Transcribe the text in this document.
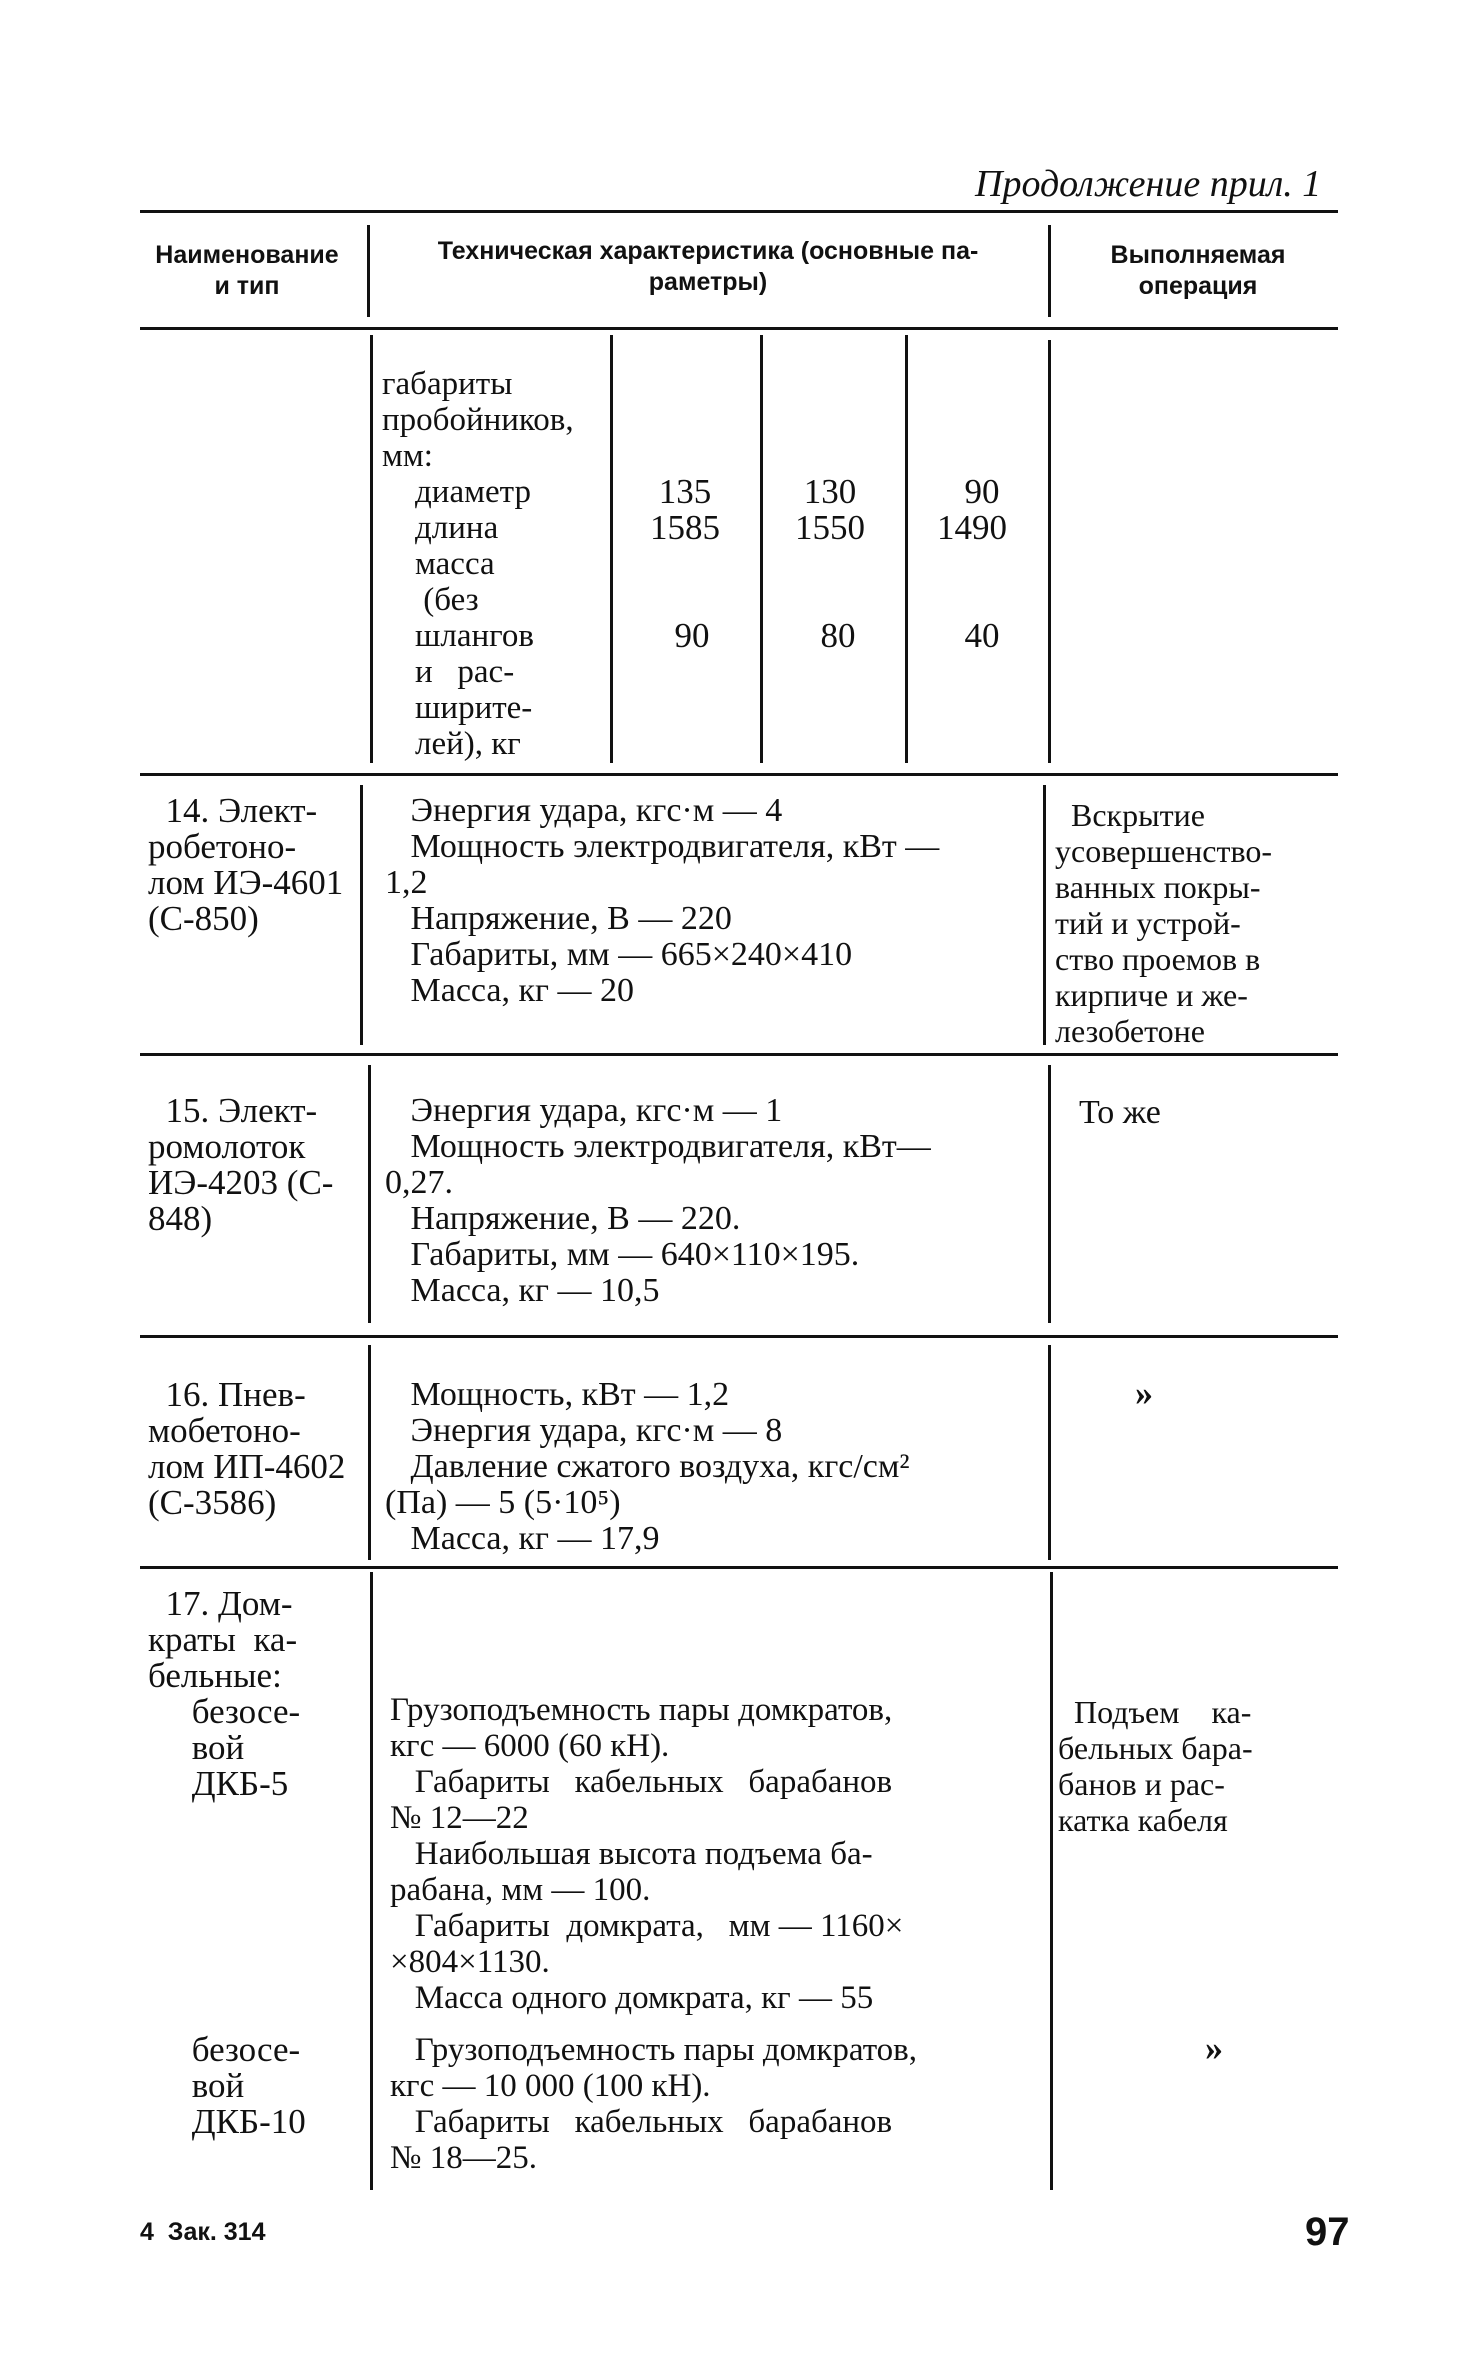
Продолжение прил. 1
Наименование
и тип
Техническая характеристика (основные па-
раметры)
Выполняемая
операция
габариты
пробойников,
мм:
диаметр
длина
масса
(без
шлангов
и   рас-
ширите-
лей), кг
135
1585
90
130
1550
80
90
1490
40
14. Элект-
робетоно-
лом ИЭ-4601
(С-850)
Энергия удара, кгс·м — 4
Мощность электродвигателя, кВт —
1,2
Напряжение, В — 220
Габариты, мм — 665×240×410
Масса, кг — 20
Вскрытие
усовершенство-
ванных покры-
тий и устрой-
ство проемов в
кирпиче и же-
лезобетоне
15. Элект-
ромолоток
ИЭ-4203 (С-
848)
Энергия удара, кгс·м — 1
Мощность электродвигателя, кВт—
0,27.
Напряжение, В — 220.
Габариты, мм — 640×110×195.
Масса, кг — 10,5
То же
16. Пнев-
мобетоно-
лом ИП-4602
(С-3586)
Мощность, кВт — 1,2
Энергия удара, кгс·м — 8
Давление сжатого воздуха, кгс/см²
(Па) — 5 (5·10⁵)
Масса, кг — 17,9
»
17. Дом-
краты  ка-
бельные:
безосе-
вой
ДКБ-5
Грузоподъемность пары домкратов,
кгс — 6000 (60 кН).
Габариты   кабельных   барабанов
№ 12—22
Наибольшая высота подъема ба-
рабана, мм — 100.
Габариты  домкрата,   мм — 1160×
×804×1130.
Масса одного домкрата, кг — 55
Подъем    ка-
бельных бара-
банов и рас-
катка кабеля
безосе-
вой
ДКБ-10
Грузоподъемность пары домкратов,
кгс — 10 000 (100 кН).
Габариты   кабельных   барабанов
№ 18—25.
»
4  Зак. 314	97
